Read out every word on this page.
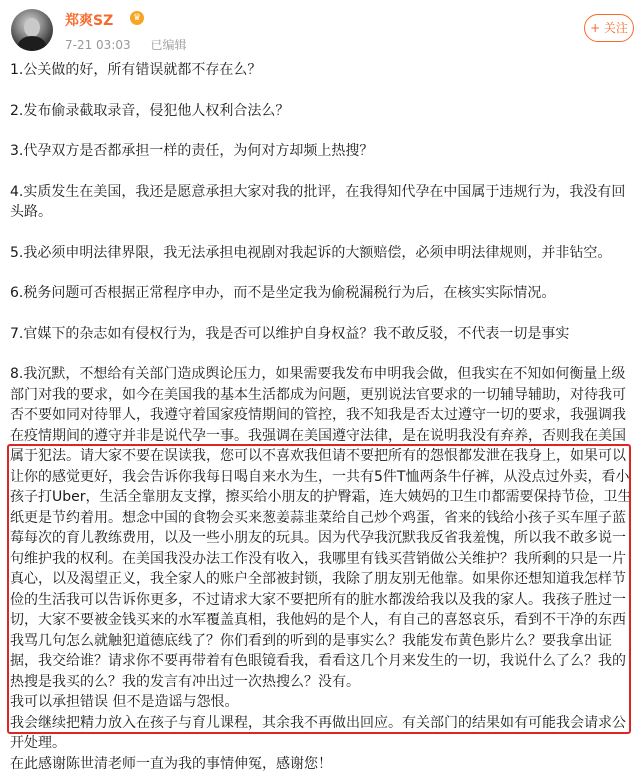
郑爽SZ	♛
7-21 03:03 已编辑
+ 关注

1.公关做的好，所有错误就都不存在么？

2.发布偷录截取录音，侵犯他人权利合法么？

3.代孕双方是否都承担一样的责任，为何对方却频上热搜？

4.实质发生在美国，我还是愿意承担大家对我的批评，在我得知代孕在中国属于违规行为，我没有回头路。

5.我必须申明法律界限，我无法承担电视剧对我起诉的大额赔偿，必须申明法律规则，并非钻空。

6.税务问题可否根据正常程序申办，而不是坐定我为偷税漏税行为后，在核实实际情况。

7.官媒下的杂志如有侵权行为，我是否可以维护自身权益？我不敢反驳，不代表一切是事实

8.我沉默，不想给有关部门造成舆论压力，如果需要我发布申明我会做，但我实在不知如何衡量上级部门对我的要求，如今在美国我的基本生活都成为问题，更别说法官要求的一切辅导辅助，对待我可否不要如同对待罪人，我遵守着国家疫情期间的管控，我不知我是否太过遵守一切的要求，我强调我在疫情期间的遵守并非是说代孕一事。我强调在美国遵守法律，是在说明我没有弃养，否则我在美国属于犯法。请大家不要在误读我，您可以不喜欢我但请不要把所有的怨恨都发泄在我身上，如果可以让你的感觉更好，我会告诉你我每日喝自来水为生，一共有5件T恤两条牛仔裤，从没点过外卖，看小孩子打Uber，生活全靠朋友支撑，擦买给小朋友的护臀霜，连大姨妈的卫生巾都需要保持节俭，卫生纸更是节约着用。想念中国的食物会买来葱姜蒜韭菜给自己炒个鸡蛋，省来的钱给小孩子买车厘子蓝莓每次的育儿教练费用，以及一些小朋友的玩具。因为代孕我沉默我反省我羞愧，所以我不敢多说一句维护我的权利。在美国我没办法工作没有收入，我哪里有钱买营销做公关维护？我所剩的只是一片真心，以及渴望正义，我全家人的账户全部被封锁，我除了朋友别无他靠。如果你还想知道我怎样节俭的生活我可以告诉你更多，不过请求大家不要把所有的脏水都泼给我以及我的家人。我孩子胜过一切，大家不要被金钱买来的水军覆盖真相，我他妈的是个人，有自己的喜怒哀乐，看到不干净的东西我骂几句怎么就触犯道德底线了？你们看到的听到的是事实么？我能发布黄色影片么？要我拿出证据，我交给谁？请求你不要再带着有色眼镜看我，看看这几个月来发生的一切，我说什么了么？我的热搜是我买的么？我的发言有冲出过一次热搜么？没有。

我可以承担错误 但不是造谣与怨恨。

我会继续把精力放入在孩子与育儿课程，其余我不再做出回应。有关部门的结果如有可能我会请求公开处理。

在此感谢陈世清老师一直为我的事情伸冤，感谢您！
